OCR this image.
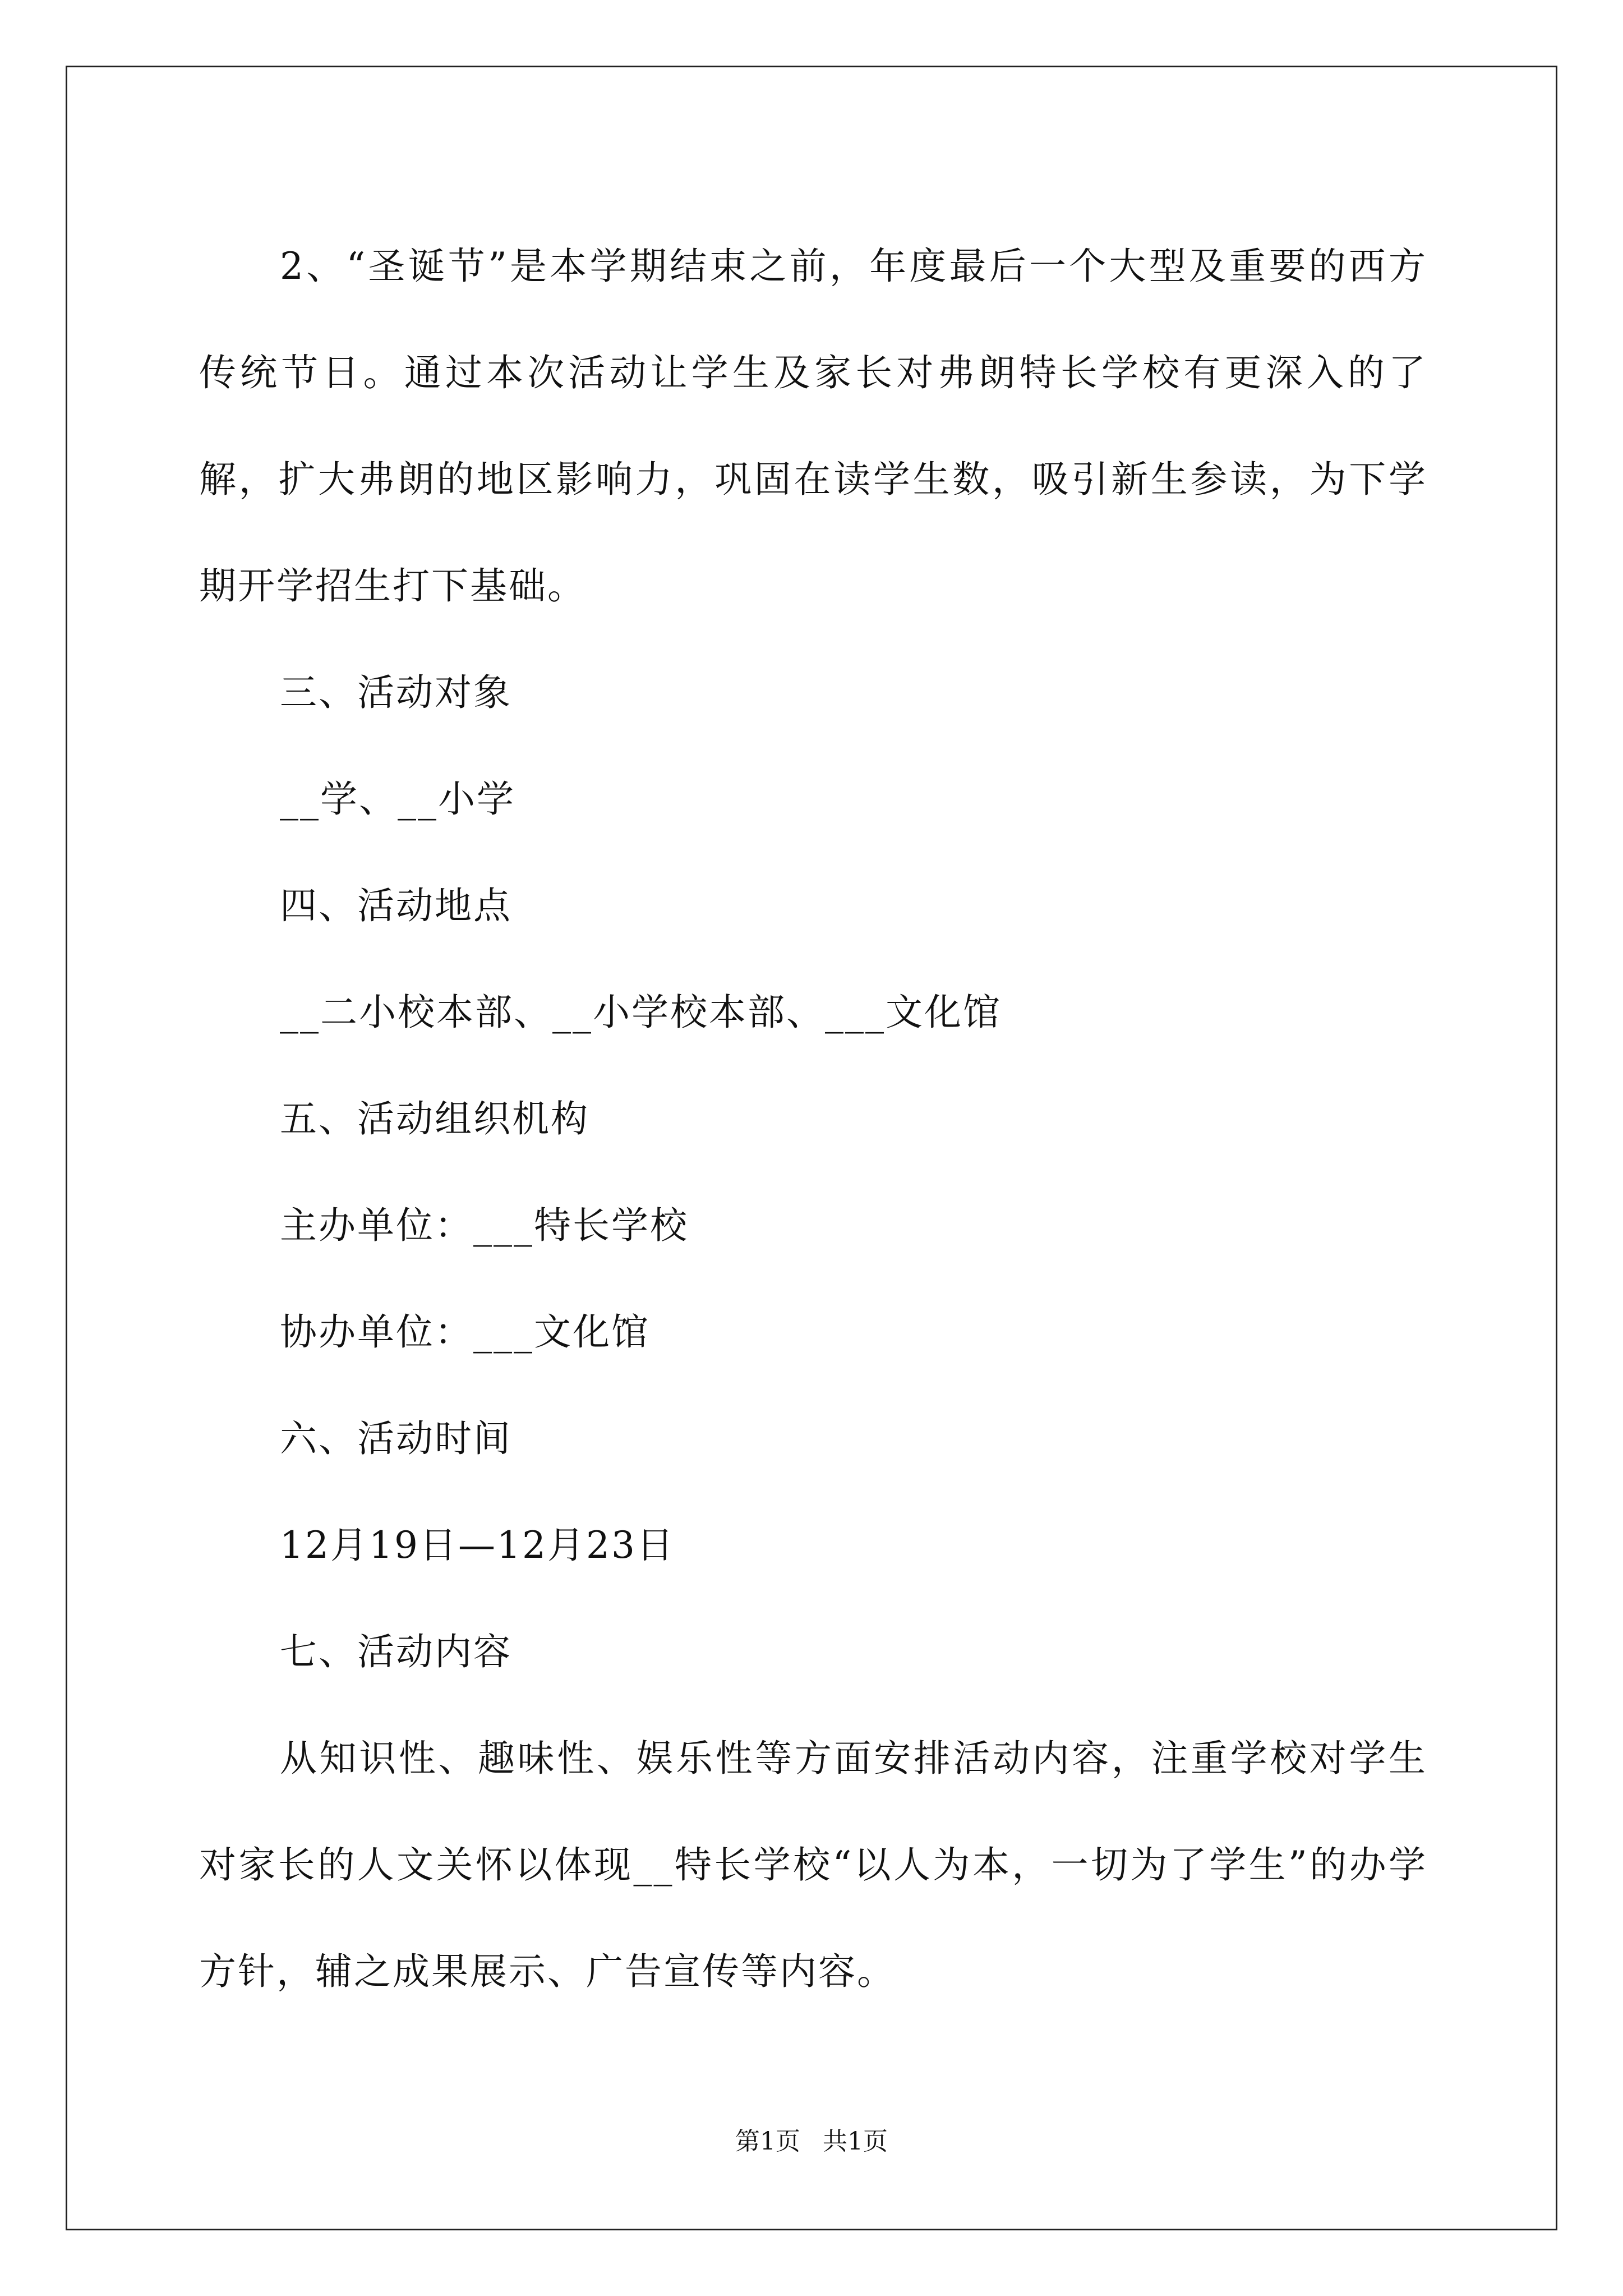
2、“圣诞节”是本学期结束之前，年度最后一个大型及重要的西方传统节日。通过本次活动让学生及家长对弗朗特长学校有更深入的了解，扩大弗朗的地区影响力，巩固在读学生数，吸引新生参读，为下学期开学招生打下基础。

三、活动对象

__学、__小学

四、活动地点

__二小校本部、__小学校本部、___文化馆

五、活动组织机构

主办单位：___特长学校

协办单位：___文化馆

六、活动时间

12月19日—12月23日

七、活动内容

从知识性、趣味性、娱乐性等方面安排活动内容，注重学校对学生对家长的人文关怀以体现__特长学校“以人为本，一切为了学生”的办学方针，辅之成果展示、广告宣传等内容。

第1页 共1页
